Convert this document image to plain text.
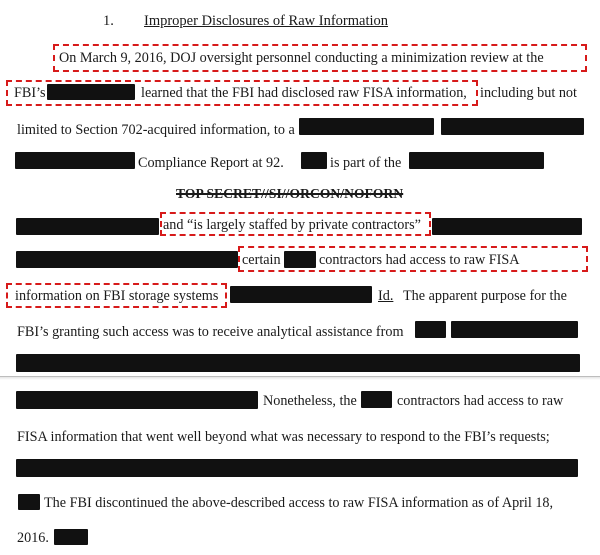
1. Improper Disclosures of Raw Information
On March 9, 2016, DOJ oversight personnel conducting a minimization review at the
FBI’s	learned that the FBI had disclosed raw FISA information, including but not
limited to Section 702-acquired information, to a
Compliance Report at 92.	is part of the
TOP SECRET//SI//ORCON/NOFORN
and “is largely staffed by private contractors”
certain	contractors had access to raw FISA
information on FBI storage systems	Id. The apparent purpose for the
FBI’s granting such access was to receive analytical assistance from
Nonetheless, the	contractors had access to raw
FISA information that went well beyond what was necessary to respond to the FBI’s requests;
The FBI discontinued the above-described access to raw FISA information as of April 18,
2016.
